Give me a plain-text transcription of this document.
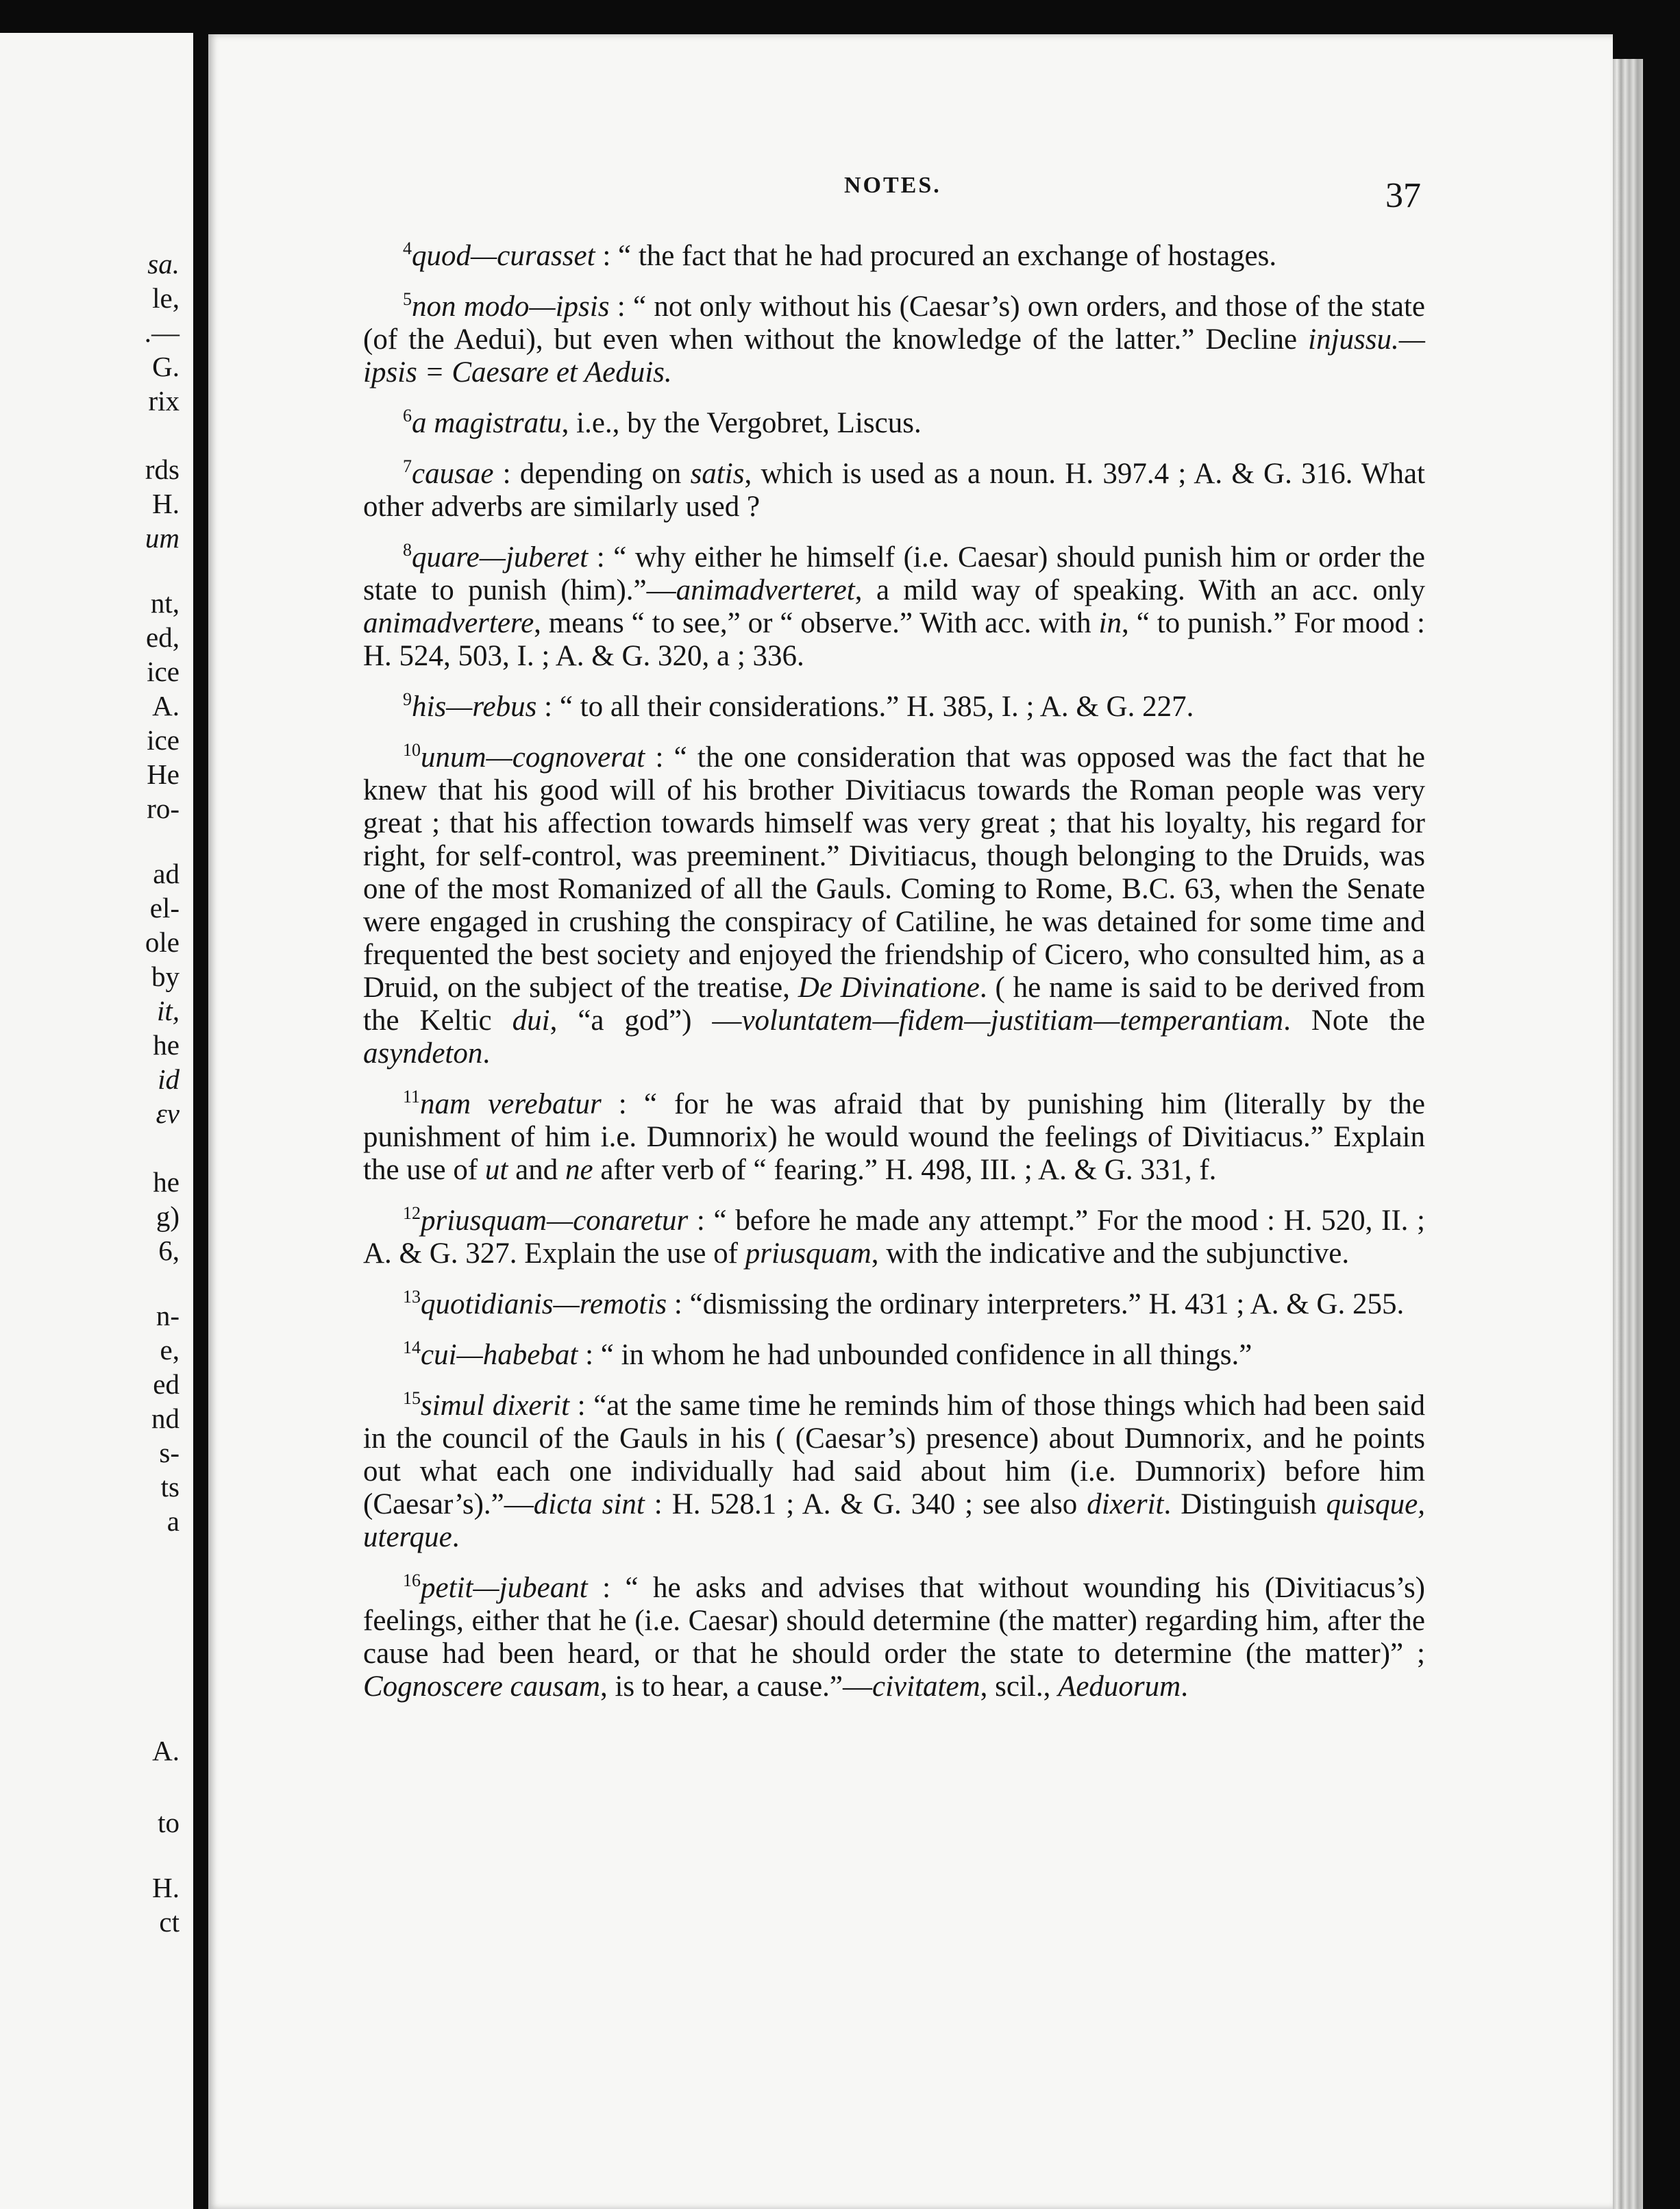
sa.
le,
.—
G.
rix
rds
H.
um
nt,
ed,
ice
A.
ice
He
ro-
ad
el-
ole
by
it,
he
id
εν
he
g)
6,
n-
e,
ed
nd
s-
ts
a
A.
to
H.
ct
NOTES.	37

$^4$quod—curasset : “ the fact that he had procured an exchange of hostages.

$^5$non modo—ipsis : “ not only without his (Caesar’s) own orders, and those of the state (of the Aedui), but even when without the knowledge of the latter.” Decline injussu.—ipsis = Caesare et Aeduis.

$^6$a magistratu, i.e., by the Vergobret, Liscus.

$^7$causae : depending on satis, which is used as a noun. H. 397.4 ; A. & G. 316. What other adverbs are similarly used ?

$^8$quare—juberet : “ why either he himself (i.e. Caesar) should punish him or order the state to punish (him).”—animadverteret, a mild way of speaking. With an acc. only animadvertere, means “ to see,” or “ observe.” With acc. with in, “ to punish.” For mood : H. 524, 503, I. ; A. & G. 320, a ; 336.

$^9$his—rebus : “ to all their considerations.” H. 385, I. ; A. & G. 227.

$^{10}$unum—cognoverat : “ the one consideration that was opposed was the fact that he knew that his good will of his brother Divitiacus towards the Roman people was very great ; that his affection towards himself was very great ; that his loyalty, his regard for right, for self-control, was preeminent.” Divitiacus, though belonging to the Druids, was one of the most Romanized of all the Gauls. Coming to Rome, B.C. 63, when the Senate were engaged in crushing the conspiracy of Catiline, he was detained for some time and frequented the best society and enjoyed the friendship of Cicero, who consulted him, as a Druid, on the subject of the treatise, De Divinatione. ( he name is said to be derived from the Keltic dui, “a god”) —voluntatem—fidem—justitiam—temperantiam. Note the asyndeton.

$^{11}$nam verebatur : “ for he was afraid that by punishing him (literally by the punishment of him i.e. Dumnorix) he would wound the feelings of Divitiacus.” Explain the use of ut and ne after verb of “ fearing.” H. 498, III. ; A. & G. 331, f.

$^{12}$priusquam—conaretur : “ before he made any attempt.” For the mood : H. 520, II. ; A. & G. 327. Explain the use of priusquam, with the indicative and the subjunctive.

$^{13}$quotidianis—remotis : “dismissing the ordinary interpreters.” H. 431 ; A. & G. 255.

$^{14}$cui—habebat : “ in whom he had unbounded confidence in all things.”

$^{15}$simul dixerit : “at the same time he reminds him of those things which had been said in the council of the Gauls in his ( (Caesar’s) presence) about Dumnorix, and he points out what each one individually had said about him (i.e. Dumnorix) before him (Caesar’s).”—dicta sint : H. 528.1 ; A. & G. 340 ; see also dixerit. Distinguish quisque, uterque.

$^{16}$petit—jubeant : “ he asks and advises that without wounding his (Divitiacus’s) feelings, either that he (i.e. Caesar) should determine (the matter) regarding him, after the cause had been heard, or that he should order the state to determine (the matter)” ; Cognoscere causam, is to hear, a cause.”—civitatem, scil., Aeduorum.
